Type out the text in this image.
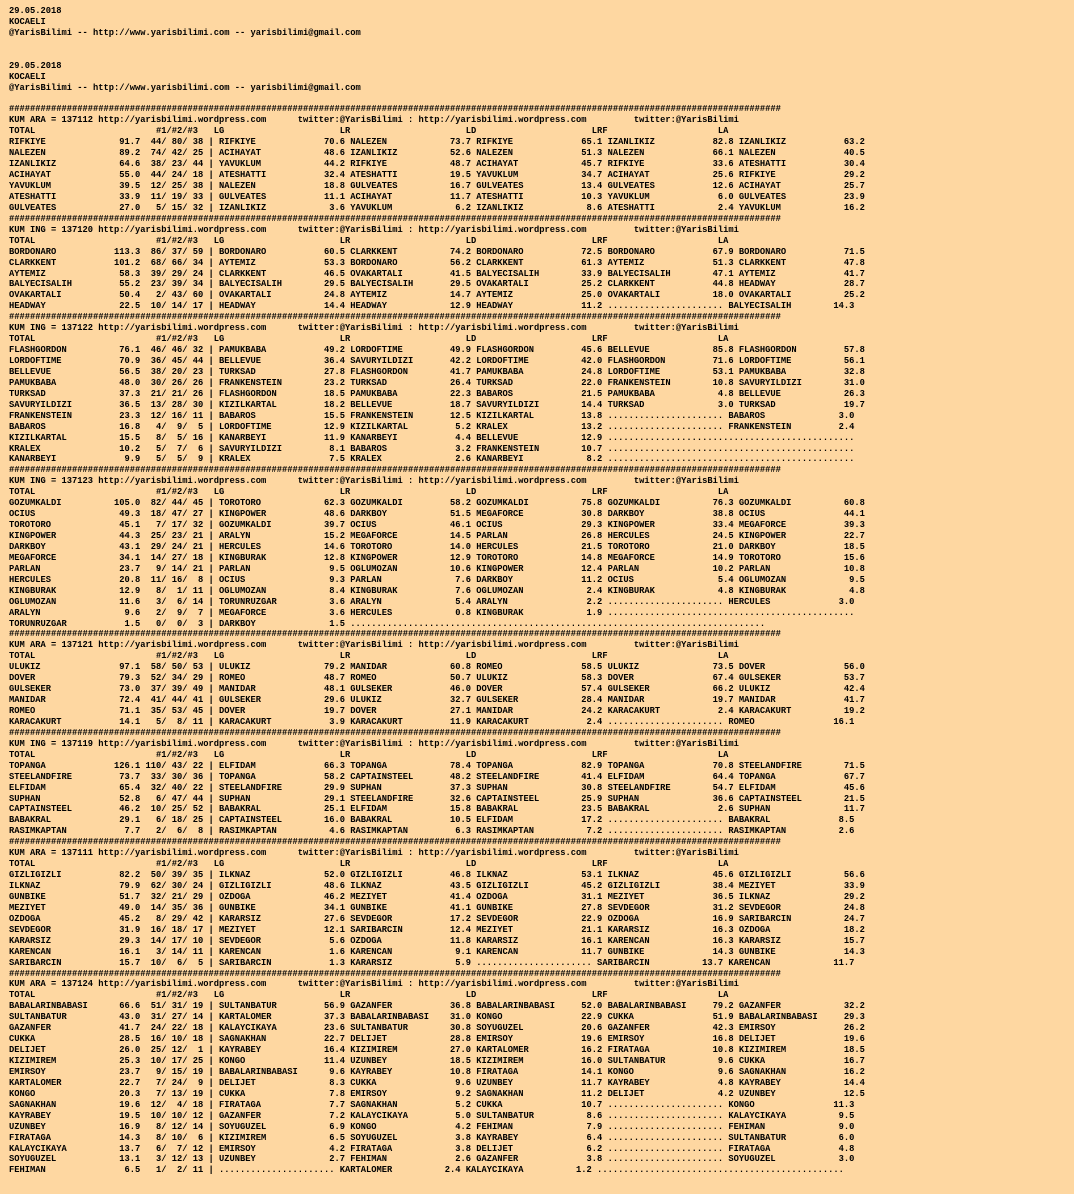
29.05.2018
KOCAELI
@YarisBilimi -- http://www.yarisbilimi.com -- yarisbilimi@gmail.com
29.05.2018
KOCAELI
@YarisBilimi -- http://www.yarisbilimi.com -- yarisbilimi@gmail.com
###################################################################################################################################################
KUM ARA = 137112 http://yarisbilimi.wordpress.com      twitter:@YarisBilimi : http://yarisbilimi.wordpress.com         twitter:@YarisBilimi
TOTAL                       #1/#2/#3   LG                      LR                      LD                      LRF                     LA
RIFKIYE              91.7  44/ 80/ 38 | RIFKIYE             70.6 NALEZEN            73.7 RIFKIYE             65.1 IZANLIKIZ           82.8 IZANLIKIZ           63.2
NALEZEN              89.2  74/ 42/ 25 | ACIHAYAT            48.6 IZANLIKIZ          52.6 NALEZEN             51.3 NALEZEN             66.1 NALEZEN             40.5
IZANLIKIZ            64.6  38/ 23/ 44 | YAVUKLUM            44.2 RIFKIYE            48.7 ACIHAYAT            45.7 RIFKIYE             33.6 ATESHATTI           30.4
ACIHAYAT             55.0  44/ 24/ 18 | ATESHATTI           32.4 ATESHATTI          19.5 YAVUKLUM            34.7 ACIHAYAT            25.6 RIFKIYE             29.2
YAVUKLUM             39.5  12/ 25/ 38 | NALEZEN             18.8 GULVEATES          16.7 GULVEATES           13.4 GULVEATES           12.6 ACIHAYAT            25.7
ATESHATTI            33.9  11/ 19/ 33 | GULVEATES           11.1 ACIHAYAT           11.7 ATESHATTI           10.3 YAVUKLUM             6.0 GULVEATES           23.9
GULVEATES            27.0   5/ 15/ 32 | IZANLIKIZ            3.6 YAVUKLUM            6.2 IZANLIKIZ            8.6 ATESHATTI            2.4 YAVUKLUM            16.2
###################################################################################################################################################
KUM ING = 137120 http://yarisbilimi.wordpress.com      twitter:@YarisBilimi : http://yarisbilimi.wordpress.com         twitter:@YarisBilimi
TOTAL                       #1/#2/#3   LG                      LR                      LD                      LRF                     LA
BORDONARO           113.3  86/ 37/ 59 | BORDONARO           60.5 CLARKKENT          74.2 BORDONARO           72.5 BORDONARO           67.9 BORDONARO           71.5
CLARKKENT           101.2  68/ 66/ 34 | AYTEMIZ             53.3 BORDONARO          56.2 CLARKKENT           61.3 AYTEMIZ             51.3 CLARKKENT           47.8
AYTEMIZ              58.3  39/ 29/ 24 | CLARKKENT           46.5 OVAKARTALI         41.5 BALYECISALIH        33.9 BALYECISALIH        47.1 AYTEMIZ             41.7
BALYECISALIH         55.2  23/ 39/ 34 | BALYECISALIH        29.5 BALYECISALIH       29.5 OVAKARTALI          25.2 CLARKKENT           44.8 HEADWAY             28.7
OVAKARTALI           50.4   2/ 43/ 60 | OVAKARTALI          24.8 AYTEMIZ            14.7 AYTEMIZ             25.0 OVAKARTALI          18.0 OVAKARTALI          25.2
HEADWAY              22.5  10/ 14/ 17 | HEADWAY             14.4 HEADWAY            12.9 HEADWAY             11.2 ...................... BALYECISALIH        14.3
###################################################################################################################################################
KUM ING = 137122 http://yarisbilimi.wordpress.com      twitter:@YarisBilimi : http://yarisbilimi.wordpress.com         twitter:@YarisBilimi
TOTAL                       #1/#2/#3   LG                      LR                      LD                      LRF                     LA
FLASHGORDON          76.1  46/ 46/ 32 | PAMUKBABA           49.2 LORDOFTIME         49.9 FLASHGORDON         45.6 BELLEVUE            85.8 FLASHGORDON         57.8
LORDOFTIME           70.9  36/ 45/ 44 | BELLEVUE            36.4 SAVURYILDIZI       42.2 LORDOFTIME          42.0 FLASHGORDON         71.6 LORDOFTIME          56.1
BELLEVUE             56.5  38/ 20/ 23 | TURKSAD             27.8 FLASHGORDON        41.7 PAMUKBABA           24.8 LORDOFTIME          53.1 PAMUKBABA           32.8
PAMUKBABA            48.0  30/ 26/ 26 | FRANKENSTEIN        23.2 TURKSAD            26.4 TURKSAD             22.0 FRANKENSTEIN        10.8 SAVURYILDIZI        31.0
TURKSAD              37.3  21/ 21/ 26 | FLASHGORDON         18.5 PAMUKBABA          22.3 BABAROS             21.5 PAMUKBABA            4.8 BELLEVUE            26.3
SAVURYILDIZI         36.5  13/ 28/ 30 | KIZILKARTAL         18.2 BELLEVUE           18.7 SAVURYILDIZI        14.4 TURKSAD              3.0 TURKSAD             19.7
FRANKENSTEIN         23.3  12/ 16/ 11 | BABAROS             15.5 FRANKENSTEIN       12.5 KIZILKARTAL         13.8 ...................... BABAROS              3.0
BABAROS              16.8   4/  9/  5 | LORDOFTIME          12.9 KIZILKARTAL         5.2 KRALEX              13.2 ...................... FRANKENSTEIN         2.4
KIZILKARTAL          15.5   8/  5/ 16 | KANARBEYI           11.9 KANARBEYI           4.4 BELLEVUE            12.9 ...............................................
KRALEX               10.2   5/  7/  6 | SAVURYILDIZI         8.1 BABAROS             3.2 FRANKENSTEIN        10.7 ...............................................
KANARBEYI             9.9   5/  5/  9 | KRALEX               7.5 KRALEX              2.6 KANARBEYI            8.2 ...............................................
###################################################################################################################################################
KUM ING = 137123 http://yarisbilimi.wordpress.com      twitter:@YarisBilimi : http://yarisbilimi.wordpress.com         twitter:@YarisBilimi
TOTAL                       #1/#2/#3   LG                      LR                      LD                      LRF                     LA
GOZUMKALDI          105.0  82/ 44/ 45 | TOROTORO            62.3 GOZUMKALDI         58.2 GOZUMKALDI          75.8 GOZUMKALDI          76.3 GOZUMKALDI          60.8
OCIUS                49.3  18/ 47/ 27 | KINGPOWER           48.6 DARKBOY            51.5 MEGAFORCE           30.8 DARKBOY             38.8 OCIUS               44.1
TOROTORO             45.1   7/ 17/ 32 | GOZUMKALDI          39.7 OCIUS              46.1 OCIUS               29.3 KINGPOWER           33.4 MEGAFORCE           39.3
KINGPOWER            44.3  25/ 23/ 21 | ARALYN              15.2 MEGAFORCE          14.5 PARLAN              26.8 HERCULES            24.5 KINGPOWER           22.7
DARKBOY              43.1  29/ 24/ 21 | HERCULES            14.6 TOROTORO           14.0 HERCULES            21.5 TOROTORO            21.0 DARKBOY             18.5
MEGAFORCE            34.1  14/ 27/ 18 | KINGBURAK           12.8 KINGPOWER          12.9 TOROTORO            14.8 MEGAFORCE           14.9 TOROTORO            15.6
PARLAN               23.7   9/ 14/ 21 | PARLAN               9.5 OGLUMOZAN          10.6 KINGPOWER           12.4 PARLAN              10.2 PARLAN              10.8
HERCULES             20.8  11/ 16/  8 | OCIUS                9.3 PARLAN              7.6 DARKBOY             11.2 OCIUS                5.4 OGLUMOZAN            9.5
KINGBURAK            12.9   8/  1/ 11 | OGLUMOZAN            8.4 KINGBURAK           7.6 OGLUMOZAN            2.4 KINGBURAK            4.8 KINGBURAK            4.8
OGLUMOZAN            11.6   3/  6/ 14 | TORUNRUZGAR          3.6 ARALYN              5.4 ARALYN               2.2 ...................... HERCULES             3.0
ARALYN                9.6   2/  9/  7 | MEGAFORCE            3.6 HERCULES            0.8 KINGBURAK            1.9 ...............................................
TORUNRUZGAR           1.5   0/  0/  3 | DARKBOY              1.5 ...............................................................................
###################################################################################################################################################
KUM ARA = 137121 http://yarisbilimi.wordpress.com      twitter:@YarisBilimi : http://yarisbilimi.wordpress.com         twitter:@YarisBilimi
TOTAL                       #1/#2/#3   LG                      LR                      LD                      LRF                     LA
ULUKIZ               97.1  58/ 50/ 53 | ULUKIZ              79.2 MANIDAR            60.8 ROMEO               58.5 ULUKIZ              73.5 DOVER               56.0
DOVER                79.3  52/ 34/ 29 | ROMEO               48.7 ROMEO              50.7 ULUKIZ              58.3 DOVER               67.4 GULSEKER            53.7
GULSEKER             73.0  37/ 39/ 49 | MANIDAR             48.1 GULSEKER           46.0 DOVER               57.4 GULSEKER            66.2 ULUKIZ              42.4
MANIDAR              72.4  41/ 44/ 41 | GULSEKER            29.6 ULUKIZ             32.7 GULSEKER            28.4 MANIDAR             19.7 MANIDAR             41.7
ROMEO                71.1  35/ 53/ 45 | DOVER               19.7 DOVER              27.1 MANIDAR             24.2 KARACAKURT           2.4 KARACAKURT          19.2
KARACAKURT           14.1   5/  8/ 11 | KARACAKURT           3.9 KARACAKURT         11.9 KARACAKURT           2.4 ...................... ROMEO               16.1
###################################################################################################################################################
KUM ING = 137119 http://yarisbilimi.wordpress.com      twitter:@YarisBilimi : http://yarisbilimi.wordpress.com         twitter:@YarisBilimi
TOTAL                       #1/#2/#3   LG                      LR                      LD                      LRF                     LA
TOPANGA             126.1 110/ 43/ 22 | ELFIDAM             66.3 TOPANGA            78.4 TOPANGA             82.9 TOPANGA             70.8 STEELANDFIRE        71.5
STEELANDFIRE         73.7  33/ 30/ 36 | TOPANGA             58.2 CAPTAINSTEEL       48.2 STEELANDFIRE        41.4 ELFIDAM             64.4 TOPANGA             67.7
ELFIDAM              65.4  32/ 40/ 22 | STEELANDFIRE        29.9 SUPHAN             37.3 SUPHAN              30.8 STEELANDFIRE        54.7 ELFIDAM             45.6
SUPHAN               52.8   6/ 47/ 44 | SUPHAN              29.1 STEELANDFIRE       32.6 CAPTAINSTEEL        25.9 SUPHAN              36.6 CAPTAINSTEEL        21.5
CAPTAINSTEEL         46.2  10/ 25/ 52 | BABAKRAL            25.1 ELFIDAM            15.8 BABAKRAL            23.5 BABAKRAL             2.6 SUPHAN              11.7
BABAKRAL             29.1   6/ 18/ 25 | CAPTAINSTEEL        16.0 BABAKRAL           10.5 ELFIDAM             17.2 ...................... BABAKRAL             8.5
RASIMKAPTAN           7.7   2/  6/  8 | RASIMKAPTAN          4.6 RASIMKAPTAN         6.3 RASIMKAPTAN          7.2 ...................... RASIMKAPTAN          2.6
###################################################################################################################################################
KUM ARA = 137111 http://yarisbilimi.wordpress.com      twitter:@YarisBilimi : http://yarisbilimi.wordpress.com         twitter:@YarisBilimi
TOTAL                       #1/#2/#3   LG                      LR                      LD                      LRF                     LA
GIZLIGIZLI           82.2  50/ 39/ 35 | ILKNAZ              52.0 GIZLIGIZLI         46.8 ILKNAZ              53.1 ILKNAZ              45.6 GIZLIGIZLI          56.6
ILKNAZ               79.9  62/ 30/ 24 | GIZLIGIZLI          48.6 ILKNAZ             43.5 GIZLIGIZLI          45.2 GIZLIGIZLI          38.4 MEZIYET             33.9
GUNBIKE              51.7  32/ 21/ 29 | OZDOGA              46.2 MEZIYET            41.4 OZDOGA              31.1 MEZIYET             36.5 ILKNAZ              29.2
MEZIYET              49.0  14/ 35/ 36 | GUNBIKE             34.1 GUNBIKE            41.1 GUNBIKE             27.8 SEVDEGOR            31.2 SEVDEGOR            24.8
OZDOGA               45.2   8/ 29/ 42 | KARARSIZ            27.6 SEVDEGOR           17.2 SEVDEGOR            22.9 OZDOGA              16.9 SARIBARCIN          24.7
SEVDEGOR             31.9  16/ 18/ 17 | MEZIYET             12.1 SARIBARCIN         12.4 MEZIYET             21.1 KARARSIZ            16.3 OZDOGA              18.2
KARARSIZ             29.3  14/ 17/ 10 | SEVDEGOR             5.6 OZDOGA             11.8 KARARSIZ            16.1 KARENCAN            16.3 KARARSIZ            15.7
KARENCAN             16.1   3/ 14/ 11 | KARENCAN             1.6 KARENCAN            9.1 KARENCAN            11.7 GUNBIKE             14.3 GUNBIKE             14.3
SARIBARCIN           15.7  10/  6/  5 | SARIBARCIN           1.3 KARARSIZ            5.9 ...................... SARIBARCIN          13.7 KARENCAN            11.7
###################################################################################################################################################
KUM ARA = 137124 http://yarisbilimi.wordpress.com      twitter:@YarisBilimi : http://yarisbilimi.wordpress.com         twitter:@YarisBilimi
TOTAL                       #1/#2/#3   LG                      LR                      LD                      LRF                     LA
BABALARINBABASI      66.6  51/ 31/ 19 | SULTANBATUR         56.9 GAZANFER           36.8 BABALARINBABASI     52.0 BABALARINBABASI     79.2 GAZANFER            32.2
SULTANBATUR          43.0  31/ 27/ 14 | KARTALOMER          37.3 BABALARINBABASI    31.0 KONGO               22.9 CUKKA               51.9 BABALARINBABASI     29.3
GAZANFER             41.7  24/ 22/ 18 | KALAYCIKAYA         23.6 SULTANBATUR        30.8 SOYUGUZEL           20.6 GAZANFER            42.3 EMIRSOY             26.2
CUKKA                28.5  16/ 10/ 18 | SAGNAKHAN           22.7 DELIJET            28.8 EMIRSOY             19.6 EMIRSOY             16.8 DELIJET             19.6
DELIJET              26.0  25/ 12/  1 | KAYRABEY            16.4 KIZIMIREM          27.0 KARTALOMER          16.2 FIRATAGA            10.8 KIZIMIREM           18.5
KIZIMIREM            25.3  10/ 17/ 25 | KONGO               11.4 UZUNBEY            18.5 KIZIMIREM           16.0 SULTANBATUR          9.6 CUKKA               16.7
EMIRSOY              23.7   9/ 15/ 19 | BABALARINBABASI      9.6 KAYRABEY           10.8 FIRATAGA            14.1 KONGO                9.6 SAGNAKHAN           16.2
KARTALOMER           22.7   7/ 24/  9 | DELIJET              8.3 CUKKA               9.6 UZUNBEY             11.7 KAYRABEY             4.8 KAYRABEY            14.4
KONGO                20.3   7/ 13/ 19 | CUKKA                7.8 EMIRSOY             9.2 SAGNAKHAN           11.2 DELIJET              4.2 UZUNBEY             12.5
SAGNAKHAN            19.6  12/  4/ 18 | FIRATAGA             7.7 SAGNAKHAN           5.2 CUKKA               10.7 ...................... KONGO               11.3
KAYRABEY             19.5  10/ 10/ 12 | GAZANFER             7.2 KALAYCIKAYA         5.0 SULTANBATUR          8.6 ...................... KALAYCIKAYA          9.5
UZUNBEY              16.9   8/ 12/ 14 | SOYUGUZEL            6.9 KONGO               4.2 FEHIMAN              7.9 ...................... FEHIMAN              9.0
FIRATAGA             14.3   8/ 10/  6 | KIZIMIREM            6.5 SOYUGUZEL           3.8 KAYRABEY             6.4 ...................... SULTANBATUR          6.0
KALAYCIKAYA          13.7   6/  7/ 12 | EMIRSOY              4.2 FIRATAGA            3.8 DELIJET              6.2 ...................... FIRATAGA             4.8
SOYUGUZEL            13.1   3/ 12/ 13 | UZUNBEY              2.7 FEHIMAN             2.6 GAZANFER             3.8 ...................... SOYUGUZEL            3.0
FEHIMAN               6.5   1/  2/ 11 | ...................... KARTALOMER          2.4 KALAYCIKAYA          1.2 ...............................................
